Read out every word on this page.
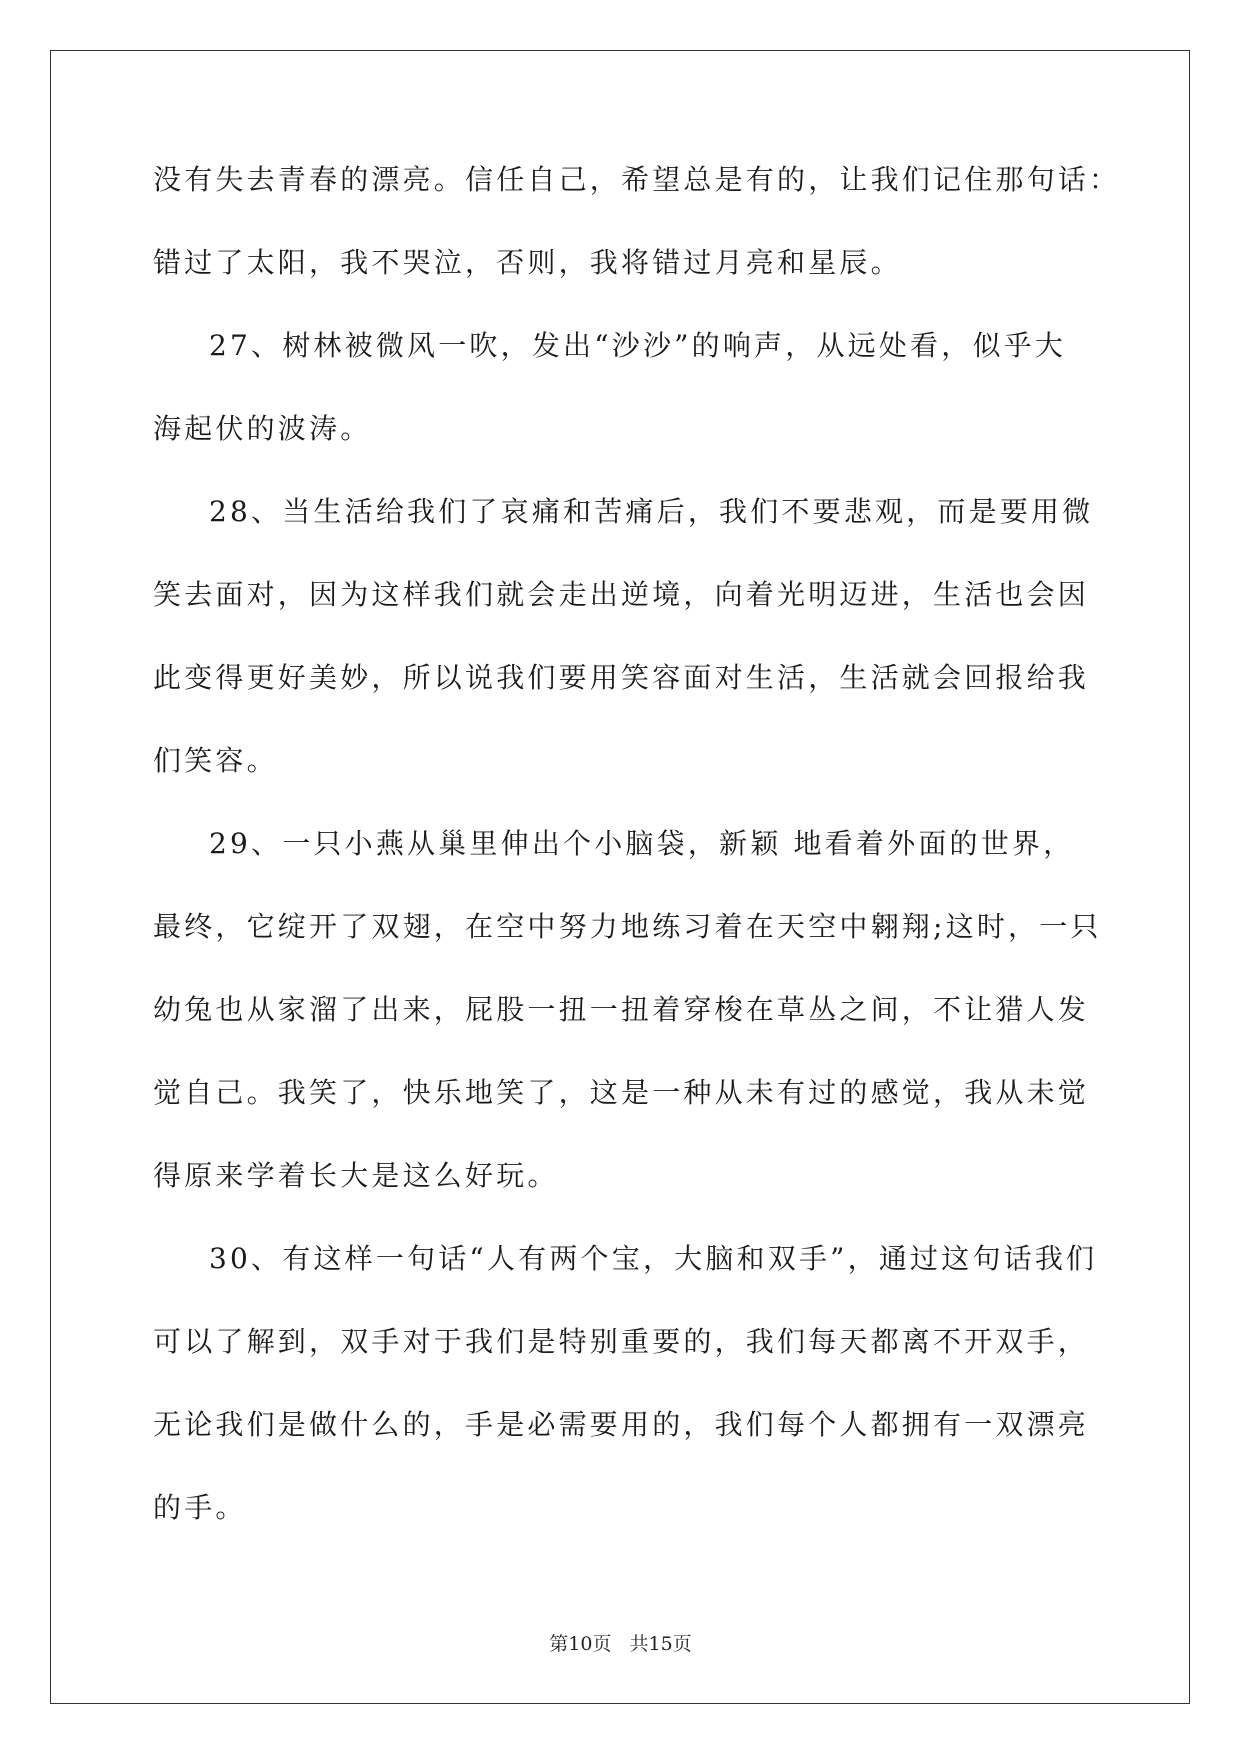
没有失去青春的漂亮。信任自己，希望总是有的，让我们记住那句话：
错过了太阳，我不哭泣，否则，我将错过月亮和星辰。
27、树林被微风一吹，发出“沙沙”的响声，从远处看，似乎大
海起伏的波涛。
28、当生活给我们了哀痛和苦痛后，我们不要悲观，而是要用微
笑去面对，因为这样我们就会走出逆境，向着光明迈进，生活也会因
此变得更好美妙，所以说我们要用笑容面对生活，生活就会回报给我
们笑容。
29、一只小燕从巢里伸出个小脑袋，新颖 地看着外面的世界，
最终，它绽开了双翅，在空中努力地练习着在天空中翱翔;这时，一只
幼兔也从家溜了出来，屁股一扭一扭着穿梭在草丛之间，不让猎人发
觉自己。我笑了，快乐地笑了，这是一种从未有过的感觉，我从未觉
得原来学着长大是这么好玩。
30、有这样一句话“人有两个宝，大脑和双手”，通过这句话我们
可以了解到，双手对于我们是特别重要的，我们每天都离不开双手，
无论我们是做什么的，手是必需要用的，我们每个人都拥有一双漂亮
的手。
第10页 共15页
